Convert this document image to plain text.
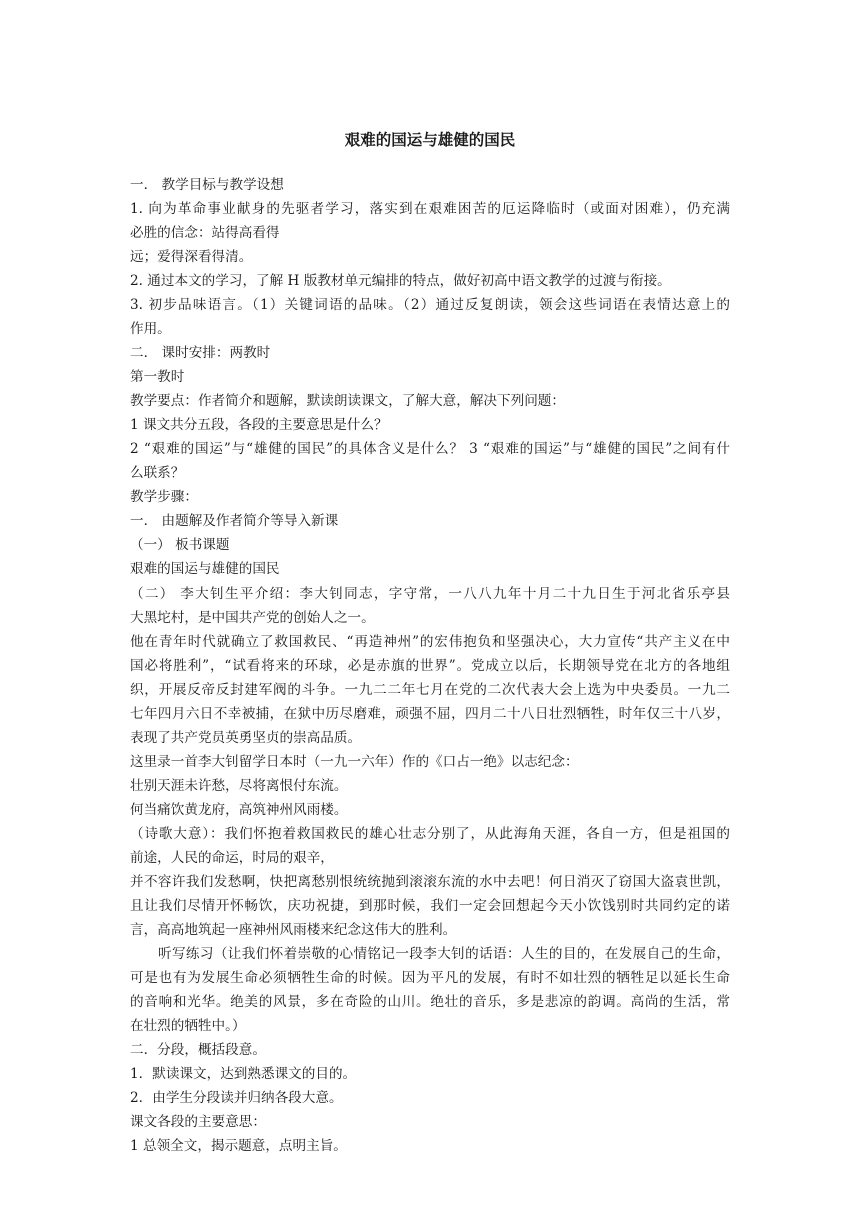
艰难的国运与雄健的国民
一． 教学目标与教学设想
1. 向为革命事业献身的先驱者学习，落实到在艰难困苦的厄运降临时（或面对困难），仍充满
必胜的信念：站得高看得
远；爱得深看得清。
2. 通过本文的学习，了解 H 版教材单元编排的特点，做好初高中语文教学的过渡与衔接。
3. 初步品味语言。（1）关键词语的品味。（2）通过反复朗读，领会这些词语在表情达意上的
作用。
二． 课时安排：两教时
第一教时
教学要点：作者简介和题解，默读朗读课文，了解大意，解决下列问题：
1 课文共分五段，各段的主要意思是什么？
2 “艰难的国运”与“雄健的国民”的具体含义是什么？ 3 “艰难的国运”与“雄健的国民”之间有什
么联系？
教学步骤：
一． 由题解及作者简介等导入新课
（一） 板书课题
艰难的国运与雄健的国民
（二） 李大钊生平介绍：李大钊同志，字守常，一八八九年十月二十九日生于河北省乐亭县
大黑坨村，是中国共产党的创始人之一。
他在青年时代就确立了救国救民、“再造神州”的宏伟抱负和坚强决心，大力宣传“共产主义在中
国必将胜利”，“试看将来的环球，必是赤旗的世界”。党成立以后，长期领导党在北方的各地组
织，开展反帝反封建军阀的斗争。一九二二年七月在党的二次代表大会上选为中央委员。一九二
七年四月六日不幸被捕，在狱中历尽磨难，顽强不屈，四月二十八日壮烈牺牲，时年仅三十八岁，
表现了共产党员英勇坚贞的崇高品质。
这里录一首李大钊留学日本时（一九一六年）作的《口占一绝》以志纪念：
壮别天涯未许愁，尽将离恨付东流。
何当痛饮黄龙府，高筑神州风雨楼。
（诗歌大意）：我们怀抱着救国救民的雄心壮志分别了，从此海角天涯，各自一方，但是祖国的
前途，人民的命运，时局的艰辛，
并不容许我们发愁啊，快把离愁别恨统统抛到滚滚东流的水中去吧！何日消灭了窃国大盗袁世凯，
且让我们尽情开怀畅饮，庆功祝捷，到那时候，我们一定会回想起今天小饮饯别时共同约定的诺
言，高高地筑起一座神州风雨楼来纪念这伟大的胜利。
听写练习（让我们怀着崇敬的心情铭记一段李大钊的话语：人生的目的，在发展自己的生命，
可是也有为发展生命必须牺牲生命的时候。因为平凡的发展，有时不如壮烈的牺牲足以延长生命
的音响和光华。绝美的风景，多在奇险的山川。绝壮的音乐，多是悲凉的韵调。高尚的生活，常
在壮烈的牺牲中。）
二．分段，概括段意。
1．默读课文，达到熟悉课文的目的。
2．由学生分段读并归纳各段大意。
课文各段的主要意思：
1 总领全文，揭示题意，点明主旨。
